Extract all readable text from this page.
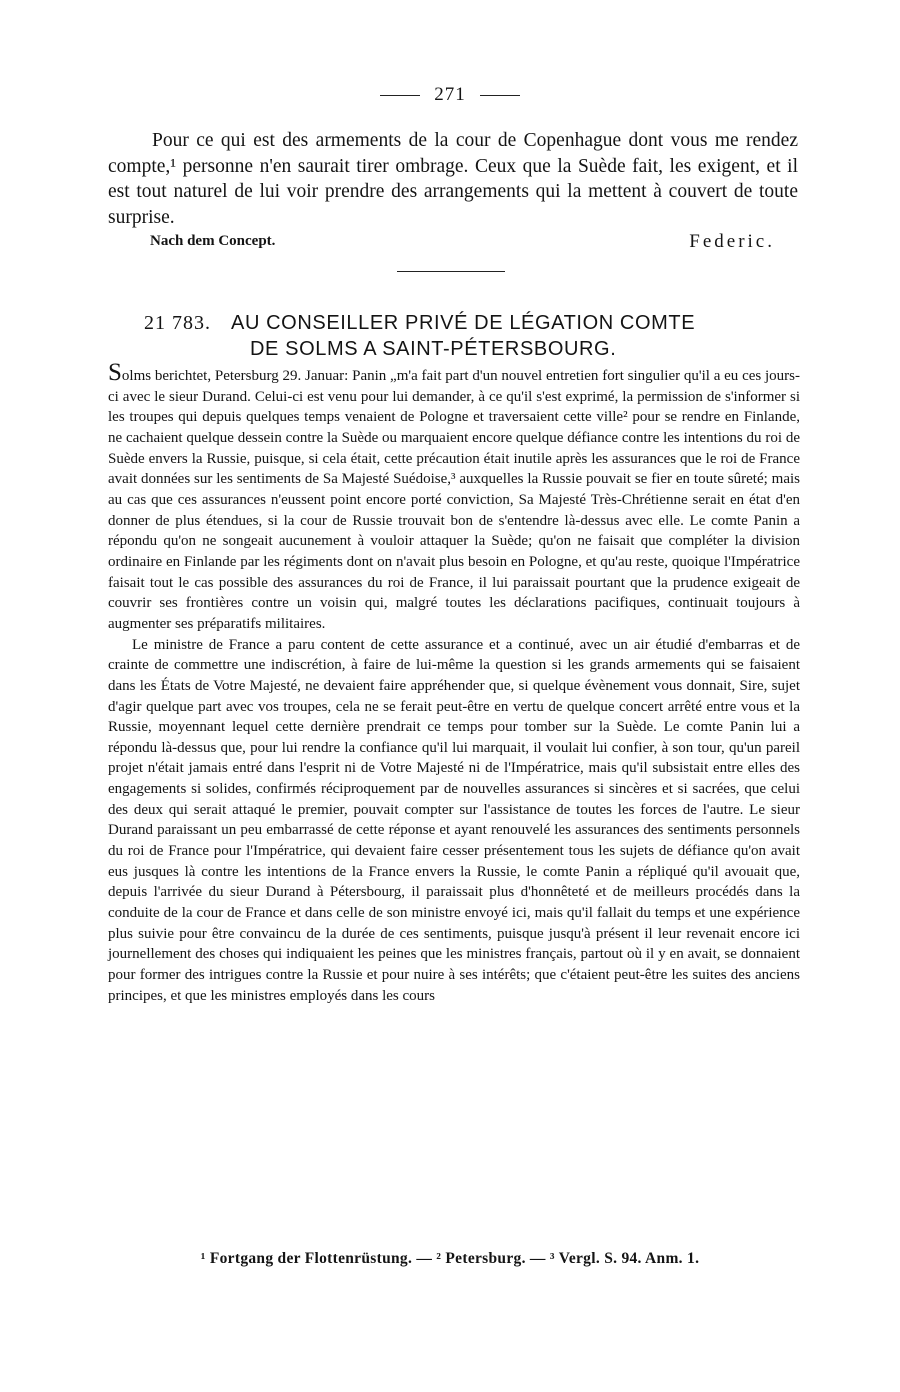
271

Pour ce qui est des armements de la cour de Copenhague dont vous me rendez compte,¹ personne n'en saurait tirer ombrage. Ceux que la Suède fait, les exigent, et il est tout naturel de lui voir prendre des arrangements qui la mettent à couvert de toute surprise.

Nach dem Concept.	Federic.
21 783. AU CONSEILLER PRIVÉ DE LÉGATION COMTE
DE SOLMS A SAINT-PÉTERSBOURG.

Solms berichtet, Petersburg 29. Januar: Panin „m'a fait part d'un nouvel entretien fort singulier qu'il a eu ces jours-ci avec le sieur Durand. Celui-ci est venu pour lui demander, à ce qu'il s'est exprimé, la permission de s'informer si les troupes qui depuis quelques temps venaient de Pologne et traversaient cette ville² pour se rendre en Finlande, ne cachaient quelque dessein contre la Suède ou marquaient encore quelque défiance contre les intentions du roi de Suède envers la Russie, puisque, si cela était, cette précaution était inutile après les assurances que le roi de France avait données sur les sentiments de Sa Majesté Suédoise,³ auxquelles la Russie pouvait se fier en toute sûreté; mais au cas que ces assurances n'eussent point encore porté conviction, Sa Majesté Très-Chrétienne serait en état d'en donner de plus étendues, si la cour de Russie trouvait bon de s'entendre là-dessus avec elle. Le comte Panin a répondu qu'on ne songeait aucunement à vouloir attaquer la Suède; qu'on ne faisait que compléter la division ordinaire en Finlande par les régiments dont on n'avait plus besoin en Pologne, et qu'au reste, quoique l'Impératrice faisait tout le cas possible des assurances du roi de France, il lui paraissait pourtant que la prudence exigeait de couvrir ses frontières contre un voisin qui, malgré toutes les déclarations pacifiques, continuait toujours à augmenter ses préparatifs militaires.

Le ministre de France a paru content de cette assurance et a continué, avec un air étudié d'embarras et de crainte de commettre une indiscrétion, à faire de lui-même la question si les grands armements qui se faisaient dans les États de Votre Majesté, ne devaient faire appréhender que, si quelque évènement vous donnait, Sire, sujet d'agir quelque part avec vos troupes, cela ne se ferait peut-être en vertu de quelque concert arrêté entre vous et la Russie, moyennant lequel cette dernière prendrait ce temps pour tomber sur la Suède. Le comte Panin lui a répondu là-dessus que, pour lui rendre la confiance qu'il lui marquait, il voulait lui confier, à son tour, qu'un pareil projet n'était jamais entré dans l'esprit ni de Votre Majesté ni de l'Impératrice, mais qu'il subsistait entre elles des engagements si solides, confirmés réciproquement par de nouvelles assurances si sincères et si sacrées, que celui des deux qui serait attaqué le premier, pouvait compter sur l'assistance de toutes les forces de l'autre. Le sieur Durand paraissant un peu embarrassé de cette réponse et ayant renouvelé les assurances des sentiments personnels du roi de France pour l'Impératrice, qui devaient faire cesser présentement tous les sujets de défiance qu'on avait eus jusques là contre les intentions de la France envers la Russie, le comte Panin a répliqué qu'il avouait que, depuis l'arrivée du sieur Durand à Pétersbourg, il paraissait plus d'honnêteté et de meilleurs procédés dans la conduite de la cour de France et dans celle de son ministre envoyé ici, mais qu'il fallait du temps et une expérience plus suivie pour être convaincu de la durée de ces sentiments, puisque jusqu'à présent il leur revenait encore ici journellement des choses qui indiquaient les peines que les ministres français, partout où il y en avait, se donnaient pour former des intrigues contre la Russie et pour nuire à ses intérêts; que c'étaient peut-être les suites des anciens principes, et que les ministres employés dans les cours

¹ Fortgang der Flottenrüstung. — ² Petersburg. — ³ Vergl. S. 94. Anm. 1.
